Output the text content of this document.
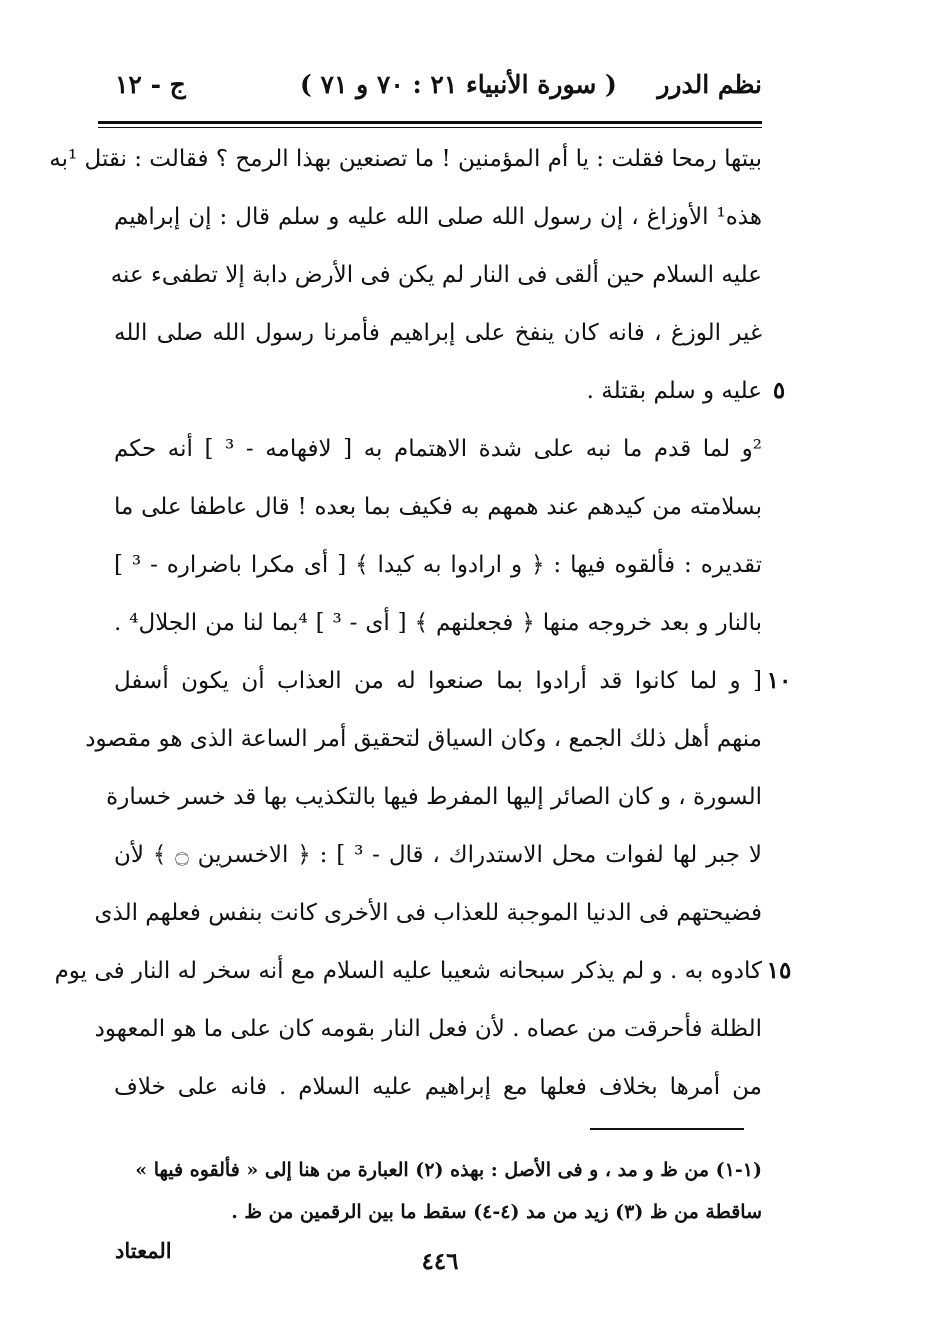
نظم الدرر
( سورة الأنبياء ٢١ : ٧٠ و ٧١ )
ج - ١٢
بيتها رمحا فقلت : يا أم المؤمنين ! ما تصنعين بهذا الرمح ؟ فقالت : نقتل ¹به
هذه¹ الأوزاغ ، إن رسول الله صلى الله عليه و سلم قال : إن إبراهيم
عليه السلام حين ألقى فى النار لم يكن فى الأرض دابة إلا تطفىء عنه
غير الوزغ ، فانه كان ينفخ على إبراهيم فأمرنا رسول الله صلى الله
عليه و سلم بقتلة .
²و لما قدم ما نبه على شدة الاهتمام به [ لافهامه - ³ ] أنه حكم
بسلامته من كيدهم عند همهم به فكيف بما بعده ! قال عاطفا على ما
تقديره : فألقوه فيها : ﴿ و ارادوا به كيدا ﴾ [ أى مكرا باضراره - ³ ]
بالنار و بعد خروجه منها ﴿ فجعلنهم ﴾ [ أى - ³ ] ⁴بما لنا من الجلال⁴ .
[ و لما كانوا قد أرادوا بما صنعوا له من العذاب أن يكون أسفل
منهم أهل ذلك الجمع ، وكان السياق لتحقيق أمر الساعة الذى هو مقصود
السورة ، و كان الصائر إليها المفرط فيها بالتكذيب بها قد خسر خسارة
لا جبر لها لفوات محل الاستدراك ، قال - ³ ] : ﴿ الاخسرين ۝ ﴾ لأن
فضيحتهم فى الدنيا الموجبة للعذاب فى الأخرى كانت بنفس فعلهم الذى
كادوه به . و لم يذكر سبحانه شعيبا عليه السلام مع أنه سخر له النار فى يوم
الظلة فأحرقت من عصاه . لأن فعل النار بقومه كان على ما هو المعهود
من أمرها بخلاف فعلها مع إبراهيم عليه السلام . فانه على خلاف
٥
١٠
١٥
(١-١) من ظ و مد ، و فى الأصل : بهذه (٢) العبارة من هنا إلى « فألقوه فيها »
ساقطة من ظ (٣) زيد من مد (٤-٤) سقط ما بين الرقمين من ظ .
المعتاد	٤٤٦
